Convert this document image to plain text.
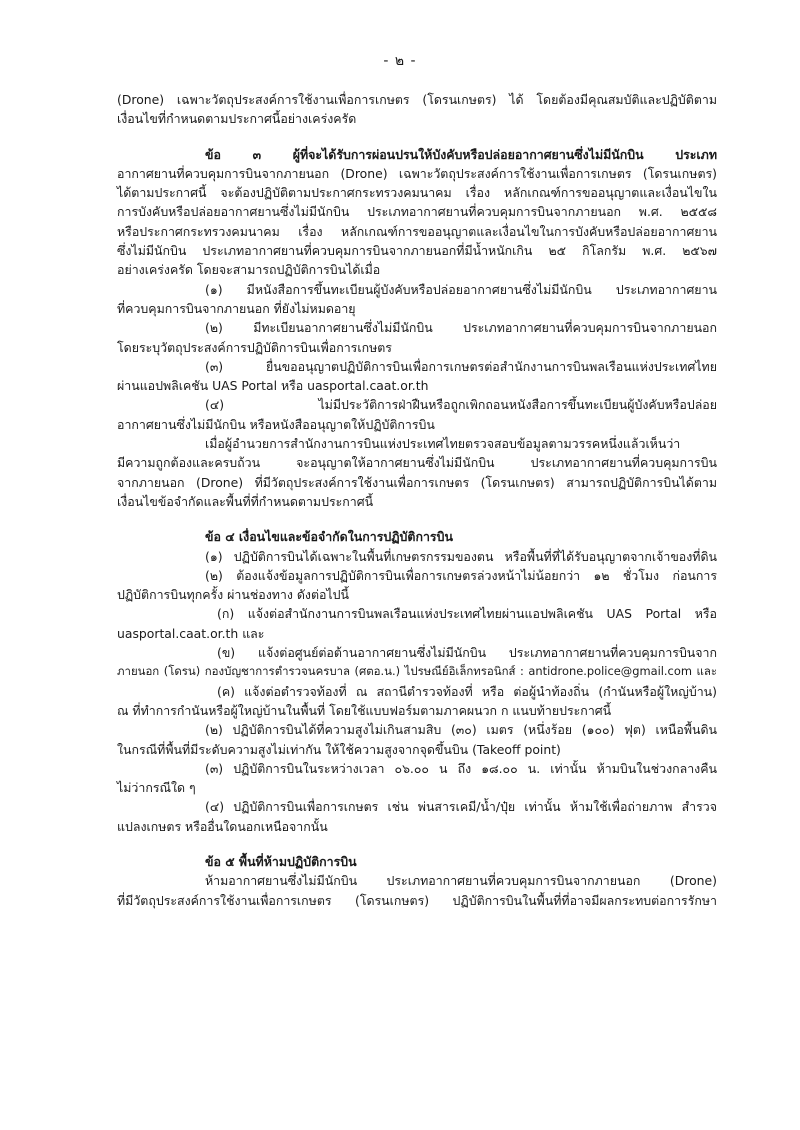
- ๒ -
(Drone) เฉพาะวัตถุประสงค์การใช้งานเพื่อการเกษตร (โดรนเกษตร) ได้ โดยต้องมีคุณสมบัติและปฏิบัติตาม
เงื่อนไขที่กำหนดตามประกาศนี้อย่างเคร่งครัด
ข้อ ๓ ผู้ที่จะได้รับการผ่อนปรนให้บังคับหรือปล่อยอากาศยานซึ่งไม่มีนักบิน ประเภท
อากาศยานที่ควบคุมการบินจากภายนอก (Drone) เฉพาะวัตถุประสงค์การใช้งานเพื่อการเกษตร (โดรนเกษตร)
ได้ตามประกาศนี้ จะต้องปฏิบัติตามประกาศกระทรวงคมนาคม เรื่อง หลักเกณฑ์การขออนุญาตและเงื่อนไขใน
การบังคับหรือปล่อยอากาศยานซึ่งไม่มีนักบิน ประเภทอากาศยานที่ควบคุมการบินจากภายนอก พ.ศ. ๒๕๕๘
หรือประกาศกระทรวงคมนาคม เรื่อง หลักเกณฑ์การขออนุญาตและเงื่อนไขในการบังคับหรือปล่อยอากาศยาน
ซึ่งไม่มีนักบิน ประเภทอากาศยานที่ควบคุมการบินจากภายนอกที่มีน้ำหนักเกิน ๒๕ กิโลกรัม พ.ศ. ๒๕๖๗
อย่างเคร่งครัด โดยจะสามารถปฏิบัติการบินได้เมื่อ
(๑) มีหนังสือการขึ้นทะเบียนผู้บังคับหรือปล่อยอากาศยานซึ่งไม่มีนักบิน ประเภทอากาศยาน
ที่ควบคุมการบินจากภายนอก ที่ยังไม่หมดอายุ
(๒) มีทะเบียนอากาศยานซึ่งไม่มีนักบิน ประเภทอากาศยานที่ควบคุมการบินจากภายนอก
โดยระบุวัตถุประสงค์การปฏิบัติการบินเพื่อการเกษตร
(๓) ยื่นขออนุญาตปฏิบัติการบินเพื่อการเกษตรต่อสำนักงานการบินพลเรือนแห่งประเทศไทย
ผ่านแอปพลิเคชัน UAS Portal หรือ uasportal.caat.or.th
(๔) ไม่มีประวัติการฝ่าฝืนหรือถูกเพิกถอนหนังสือการขึ้นทะเบียนผู้บังคับหรือปล่อย
อากาศยานซึ่งไม่มีนักบิน หรือหนังสืออนุญาตให้ปฏิบัติการบิน
เมื่อผู้อำนวยการสำนักงานการบินแห่งประเทศไทยตรวจสอบข้อมูลตามวรรคหนึ่งแล้วเห็นว่า
มีความถูกต้องและครบถ้วน จะอนุญาตให้อากาศยานซึ่งไม่มีนักบิน ประเภทอากาศยานที่ควบคุมการบิน
จากภายนอก (Drone) ที่มีวัตถุประสงค์การใช้งานเพื่อการเกษตร (โดรนเกษตร) สามารถปฏิบัติการบินได้ตาม
เงื่อนไขข้อจำกัดและพื้นที่ที่กำหนดตามประกาศนี้
ข้อ ๔ เงื่อนไขและข้อจำกัดในการปฏิบัติการบิน
(๑) ปฏิบัติการบินได้เฉพาะในพื้นที่เกษตรกรรมของตน หรือพื้นที่ที่ได้รับอนุญาตจากเจ้าของที่ดิน
(๒) ต้องแจ้งข้อมูลการปฏิบัติการบินเพื่อการเกษตรล่วงหน้าไม่น้อยกว่า ๑๒ ชั่วโมง ก่อนการ
ปฏิบัติการบินทุกครั้ง ผ่านช่องทาง ดังต่อไปนี้
(ก) แจ้งต่อสำนักงานการบินพลเรือนแห่งประเทศไทยผ่านแอปพลิเคชัน UAS Portal หรือ
uasportal.caat.or.th และ
(ข) แจ้งต่อศูนย์ต่อต้านอากาศยานซึ่งไม่มีนักบิน ประเภทอากาศยานที่ควบคุมการบินจาก
ภายนอก (โดรน) กองบัญชาการตำรวจนครบาล (ศตอ.น.) ไปรษณีย์อิเล็กทรอนิกส์ : antidrone.police@gmail.com และ
(ค) แจ้งต่อตำรวจท้องที่ ณ สถานีตำรวจท้องที่ หรือ ต่อผู้นำท้องถิ่น (กำนันหรือผู้ใหญ่บ้าน)
ณ ที่ทำการกำนันหรือผู้ใหญ่บ้านในพื้นที่ โดยใช้แบบฟอร์มตามภาคผนวก ก แนบท้ายประกาศนี้
(๒) ปฏิบัติการบินได้ที่ความสูงไม่เกินสามสิบ (๓๐) เมตร (หนึ่งร้อย (๑๐๐) ฟุต) เหนือพื้นดิน
ในกรณีที่พื้นที่มีระดับความสูงไม่เท่ากัน ให้ใช้ความสูงจากจุดขึ้นบิน (Takeoff point)
(๓) ปฏิบัติการบินในระหว่างเวลา ๐๖.๐๐ น ถึง ๑๘.๐๐ น. เท่านั้น ห้ามบินในช่วงกลางคืน
ไม่ว่ากรณีใด ๆ
(๔) ปฏิบัติการบินเพื่อการเกษตร เช่น พ่นสารเคมี/น้ำ/ปุ๋ย เท่านั้น ห้ามใช้เพื่อถ่ายภาพ สำรวจ
แปลงเกษตร หรืออื่นใดนอกเหนือจากนั้น
ข้อ ๕ พื้นที่ห้ามปฏิบัติการบิน
ห้ามอากาศยานซึ่งไม่มีนักบิน ประเภทอากาศยานที่ควบคุมการบินจากภายนอก (Drone)
ที่มีวัตถุประสงค์การใช้งานเพื่อการเกษตร (โดรนเกษตร) ปฏิบัติการบินในพื้นที่ที่อาจมีผลกระทบต่อการรักษา
